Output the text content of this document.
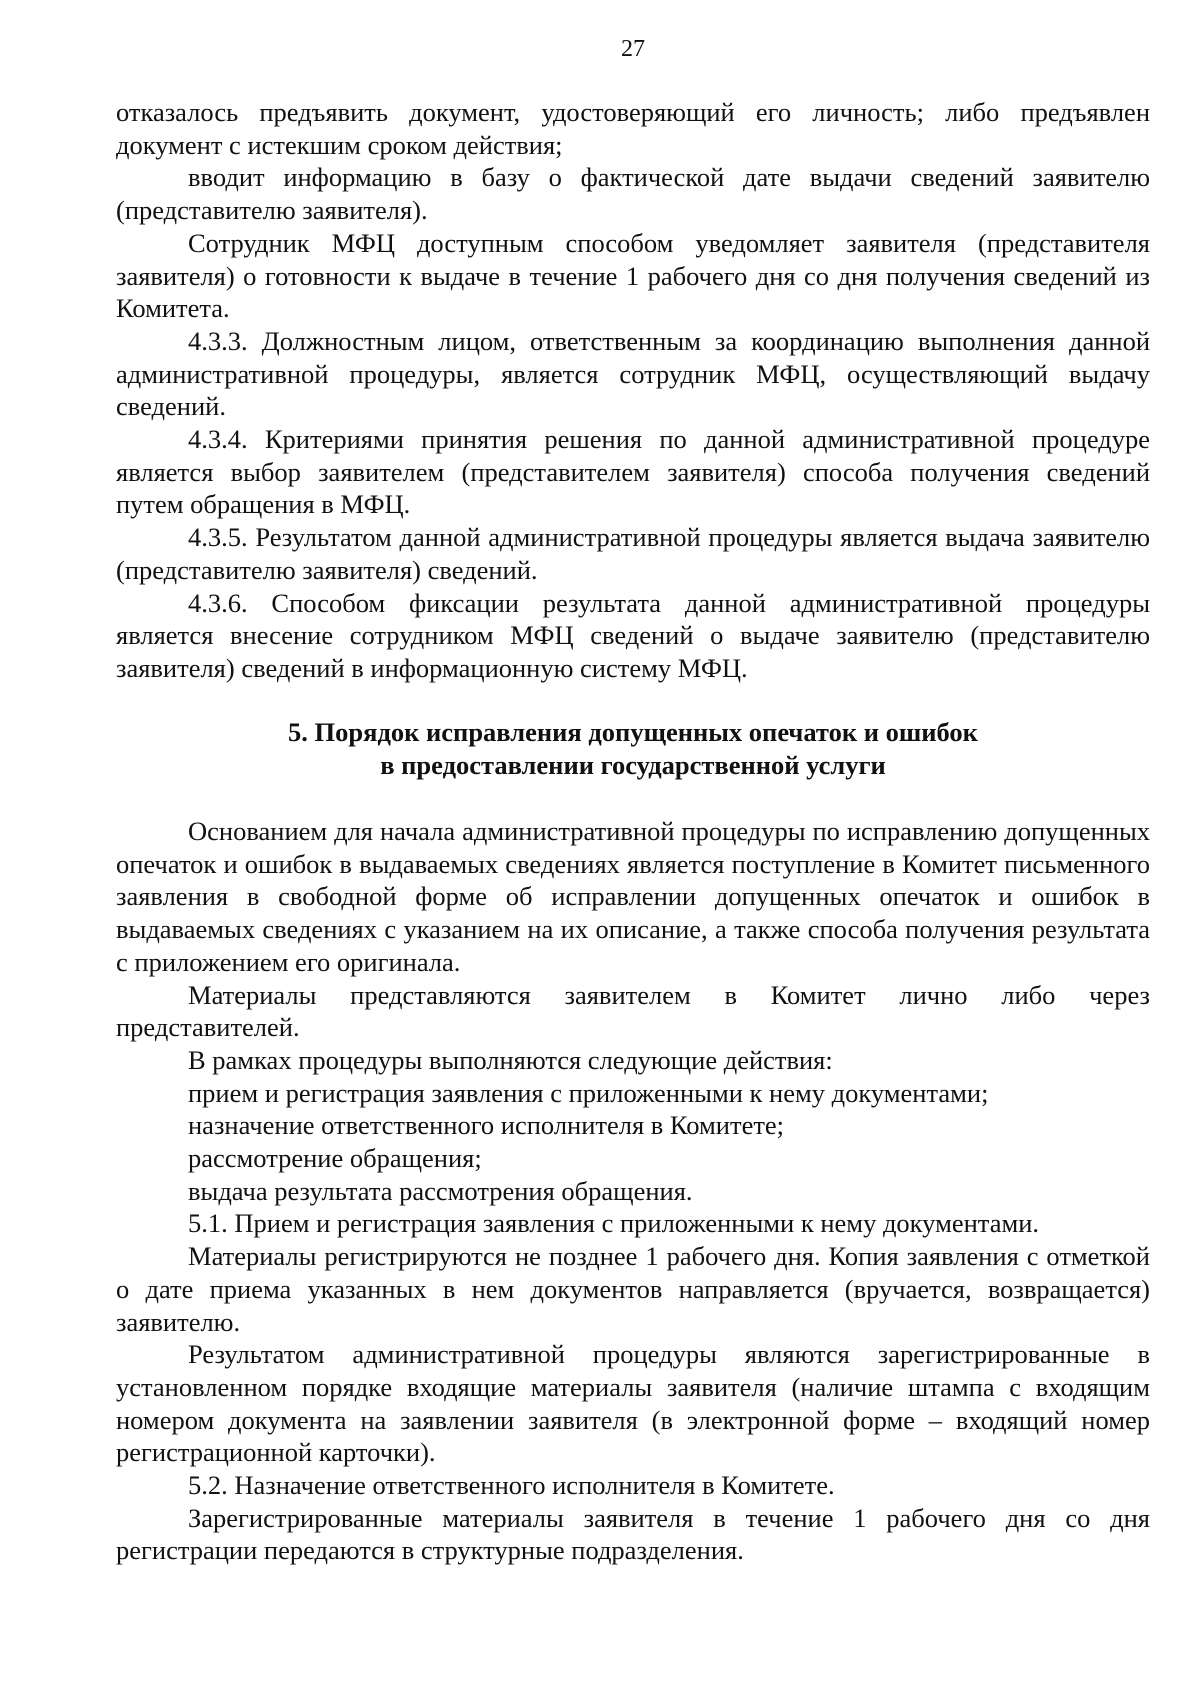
27

отказалось предъявить документ, удостоверяющий его личность; либо предъявлен документ с истекшим сроком действия;

вводит информацию в базу о фактической дате выдачи сведений заявителю (представителю заявителя).

Сотрудник МФЦ доступным способом уведомляет заявителя (представителя заявителя) о готовности к выдаче в течение 1 рабочего дня со дня получения сведений из Комитета.

4.3.3. Должностным лицом, ответственным за координацию выполнения данной административной процедуры, является сотрудник МФЦ, осуществляющий выдачу сведений.

4.3.4. Критериями принятия решения по данной административной процедуре является выбор заявителем (представителем заявителя) способа получения сведений путем обращения в МФЦ.

4.3.5. Результатом данной административной процедуры является выдача заявителю (представителю заявителя) сведений.

4.3.6. Способом фиксации результата данной административной процедуры является внесение сотрудником МФЦ сведений о выдаче заявителю (представителю заявителя) сведений в информационную систему МФЦ.

5. Порядок исправления допущенных опечаток и ошибок
в предоставлении государственной услуги

Основанием для начала административной процедуры по исправлению допущенных опечаток и ошибок в выдаваемых сведениях является поступление в Комитет письменного заявления в свободной форме об исправлении допущенных опечаток и ошибок в выдаваемых сведениях с указанием на их описание, а также способа получения результата с приложением его оригинала.

Материалы представляются заявителем в Комитет лично либо через представителей.

В рамках процедуры выполняются следующие действия:

прием и регистрация заявления с приложенными к нему документами;

назначение ответственного исполнителя в Комитете;

рассмотрение обращения;

выдача результата рассмотрения обращения.

5.1. Прием и регистрация заявления с приложенными к нему документами.

Материалы регистрируются не позднее 1 рабочего дня. Копия заявления с отметкой о дате приема указанных в нем документов направляется (вручается, возвращается) заявителю.

Результатом административной процедуры являются зарегистрированные в установленном порядке входящие материалы заявителя (наличие штампа с входящим номером документа на заявлении заявителя (в электронной форме – входящий номер регистрационной карточки).

5.2. Назначение ответственного исполнителя в Комитете.

Зарегистрированные материалы заявителя в течение 1 рабочего дня со дня регистрации передаются в структурные подразделения.
